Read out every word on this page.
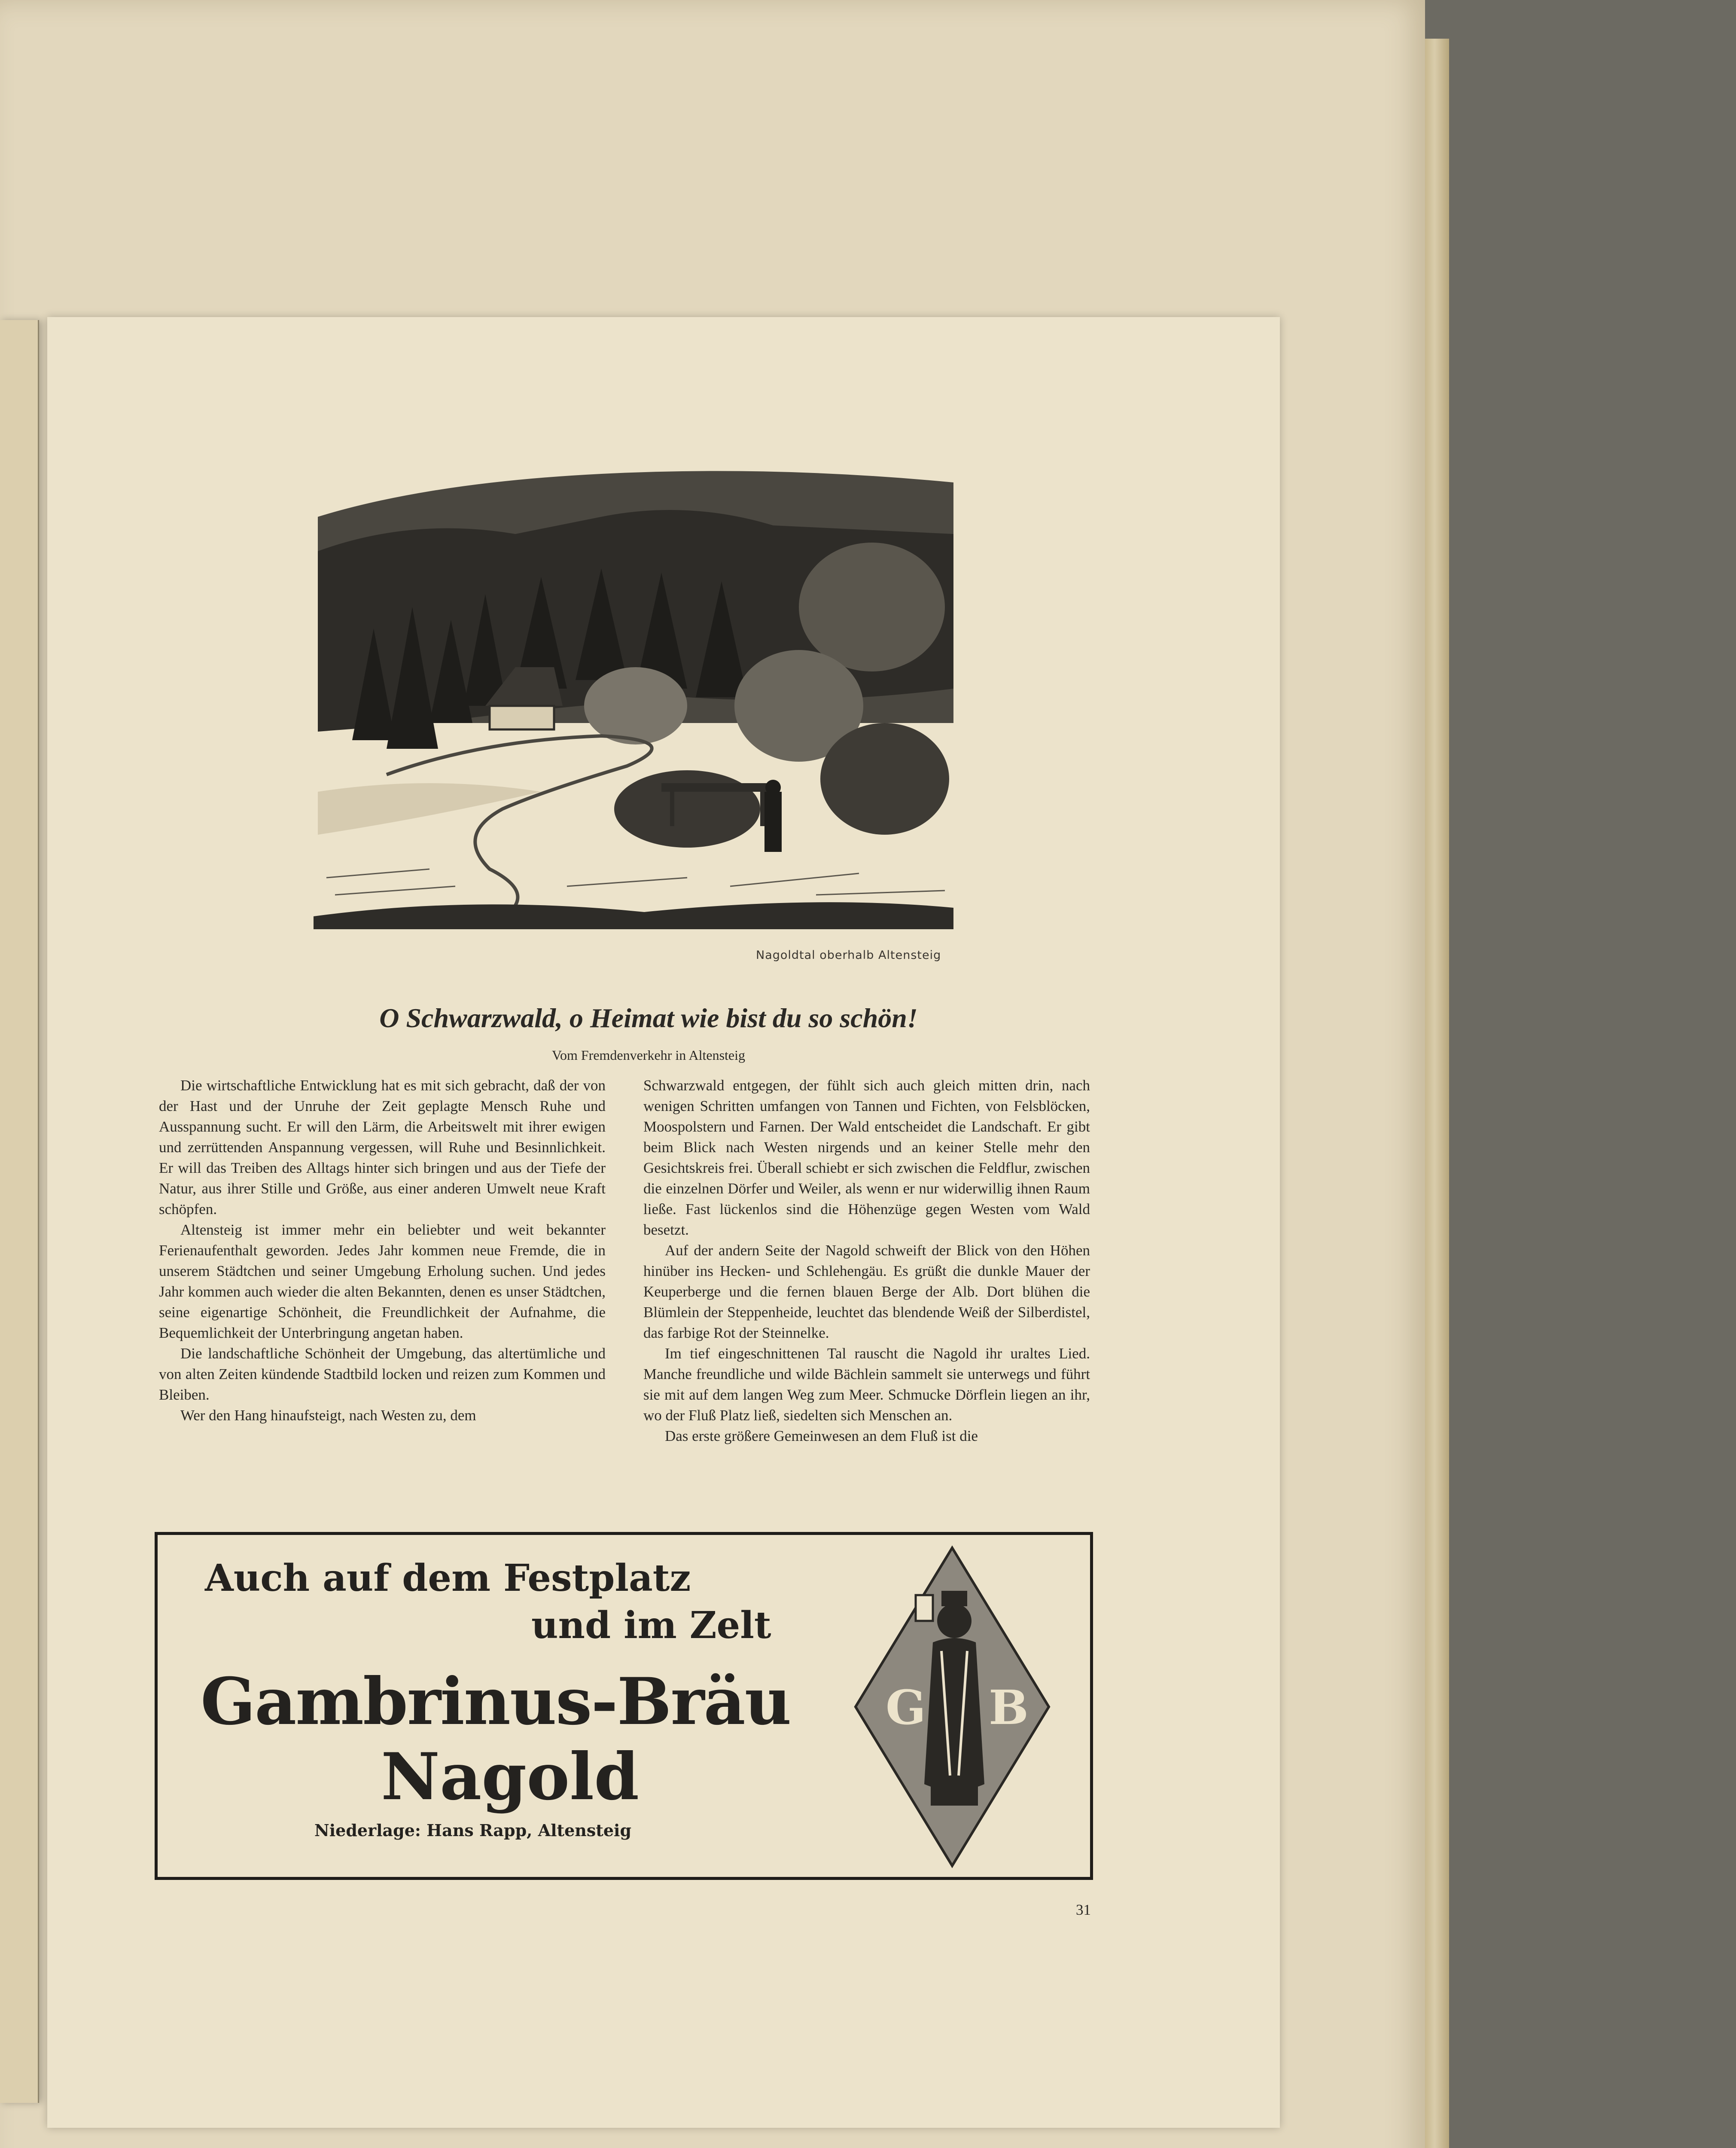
Nagoldtal oberhalb Altensteig
O Schwarzwald, o Heimat wie bist du so schön!
Vom Fremdenverkehr in Altensteig

Die wirtschaftliche Entwicklung hat es mit sich gebracht, daß der von der Hast und der Unruhe der Zeit geplagte Mensch Ruhe und Ausspannung sucht. Er will den Lärm, die Arbeitswelt mit ihrer ewigen und zerrüttenden Anspannung vergessen, will Ruhe und Besinnlichkeit. Er will das Treiben des Alltags hinter sich bringen und aus der Tiefe der Natur, aus ihrer Stille und Größe, aus einer anderen Umwelt neue Kraft schöpfen.

Altensteig ist immer mehr ein beliebter und weit bekannter Ferienaufenthalt geworden. Jedes Jahr kommen neue Fremde, die in unserem Städtchen und seiner Umgebung Erholung suchen. Und jedes Jahr kommen auch wieder die alten Bekannten, denen es unser Städtchen, seine eigenartige Schönheit, die Freundlichkeit der Aufnahme, die Bequemlichkeit der Unterbringung angetan haben.

Die landschaftliche Schönheit der Umgebung, das altertümliche und von alten Zeiten kündende Stadtbild locken und reizen zum Kommen und Bleiben.

Wer den Hang hinaufsteigt, nach Westen zu, dem

Schwarzwald entgegen, der fühlt sich auch gleich mitten drin, nach wenigen Schritten umfangen von Tannen und Fichten, von Felsblöcken, Moospolstern und Farnen. Der Wald entscheidet die Landschaft. Er gibt beim Blick nach Westen nirgends und an keiner Stelle mehr den Gesichtskreis frei. Überall schiebt er sich zwischen die Feldflur, zwischen die einzelnen Dörfer und Weiler, als wenn er nur widerwillig ihnen Raum ließe. Fast lückenlos sind die Höhenzüge gegen Westen vom Wald besetzt.

Auf der andern Seite der Nagold schweift der Blick von den Höhen hinüber ins Hecken- und Schlehengäu. Es grüßt die dunkle Mauer der Keuperberge und die fernen blauen Berge der Alb. Dort blühen die Blümlein der Steppenheide, leuchtet das blendende Weiß der Silberdistel, das farbige Rot der Steinnelke.

Im tief eingeschnittenen Tal rauscht die Nagold ihr uraltes Lied. Manche freundliche und wilde Bächlein sammelt sie unterwegs und führt sie mit auf dem langen Weg zum Meer. Schmucke Dörflein liegen an ihr, wo der Fluß Platz ließ, siedelten sich Menschen an.

Das erste größere Gemeinwesen an dem Fluß ist die

Auch auf dem Festplatz
und im Zelt
Gambrinus-Bräu
Nagold
Niederlage: Hans Rapp, Altensteig
G B
31
